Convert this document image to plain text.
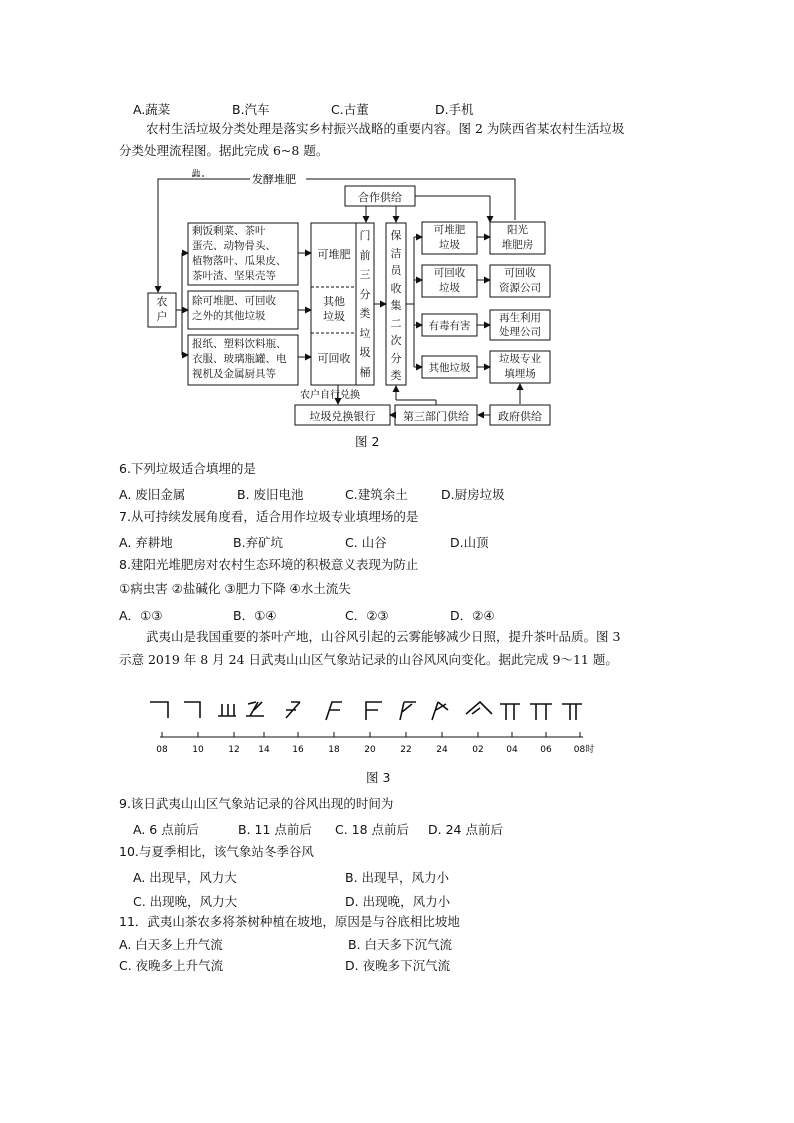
A.蔬菜	B.汽车	C.古董	D.手机
农村生活垃圾分类处理是落实乡村振兴战略的重要内容。图 2 为陕西省某农村生活垃圾
分类处理流程图。据此完成 6~8 题。
发酵堆肥
勋
农户自行兑换
农
户
剩饭剩菜、茶叶
蛋壳、动物骨头、
植物落叶、瓜果皮、
茶叶渣、坚果壳等
除可堆肥、可回收
之外的其他垃圾
报纸、塑料饮料瓶、
衣服、玻璃瓶罐、电
视机及金属厨具等
可堆肥
其他
垃圾
可回收
门
前
三
分
类
垃
圾
桶
合作供给
保
洁
员
收
集
二
次
分
类
可堆肥
垃圾
可回收
垃圾
有毒有害
其他垃圾
阳光
堆肥房
可回收
资源公司
再生利用
处理公司
垃圾专业
填埋场
垃圾兑换银行	第三部门供给	政府供给
图 2
6.下列垃圾适合填埋的是
A. 废旧金属	B. 废旧电池	C.建筑余土	D.厨房垃圾
7.从可持续发展角度看，适合用作垃圾专业填埋场的是
A. 弃耕地	B.弃矿坑	C. 山谷	D.山顶
8.建阳光堆肥房对农村生态环境的积极意义表现为防止
①病虫害 ②盐碱化 ③肥力下降 ④水土流失
A．①③	B．①④	C．②③	D．②④
武夷山是我国重要的茶叶产地，山谷风引起的云雾能够减少日照，提升茶叶品质。图 3
示意 2019 年 8 月 24 日武夷山山区气象站记录的山谷风风向变化。据此完成 9～11 题。
08	10	12 14	16	18	20	22	24	02	04	06 08时
图 3
9.该日武夷山山区气象站记录的谷风出现的时间为
A. 6 点前后	B. 11 点前后 C. 18 点前后 D. 24 点前后
10.与夏季相比，该气象站冬季谷风
A. 出现早，风力大	B. 出现早，风力小
C. 出现晚，风力大	D. 出现晚，风力小
11．武夷山茶农多将茶树种植在坡地，原因是与谷底相比坡地
A. 白天多上升气流	B. 白天多下沉气流
C. 夜晚多上升气流	D. 夜晚多下沉气流
